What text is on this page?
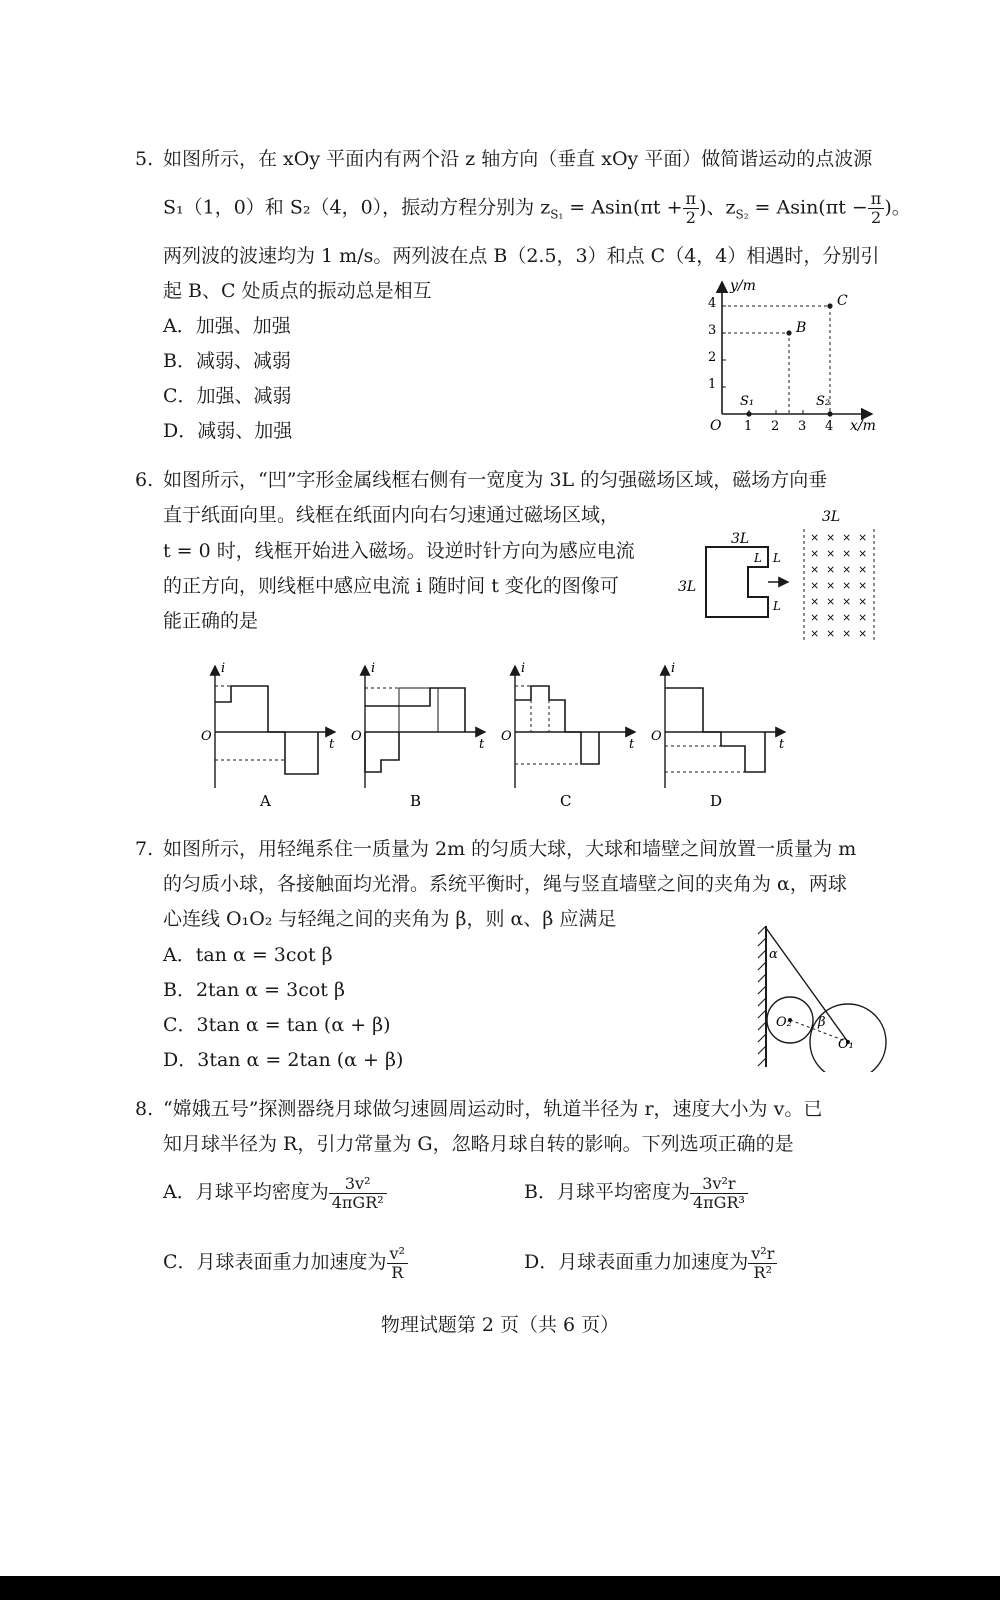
5. 如图所示，在 xOy 平面内有两个沿 z 轴方向（垂直 xOy 平面）做简谐运动的点波源
S₁（1，0）和 S₂（4，0），振动方程分别为 $z_{S_1} = Asin(\pi t + \frac{\pi}{2}$ )、$z_{S_2} = Asin(\pi t - \frac{\pi}{2}$ )。
两列波的波速均为 1 m/s。两列波在点 B（2.5，3）和点 C（4，4）相遇时，分别引
起 B、C 处质点的振动总是相互
A．加强、加强
B．减弱、减弱
C．加强、减弱
D．减弱、加强
y/m
x/m
O 1 2 3 4
1
2
3
4
B
C
S₁	S₂
6. 如图所示，“凹”字形金属线框右侧有一宽度为 3L 的匀强磁场区域，磁场方向垂
直于纸面向里。线框在纸面内向右匀速通过磁场区域，
t = 0 时，线框开始进入磁场。设逆时针方向为感应电流
的正方向，则线框中感应电流 i 随时间 t 变化的图像可
能正确的是
3L
3L
3L
L L
L
× × × ×
× × × ×
× × × ×
× × × ×
× × × ×
× × × ×
× × × ×
i
t
O
A
i
t
O
B
i
t
O
C
i
t
O
D
7. 如图所示，用轻绳系住一质量为 2m 的匀质大球，大球和墙壁之间放置一质量为 m
的匀质小球，各接触面均光滑。系统平衡时，绳与竖直墙壁之间的夹角为 α，两球
心连线 O₁O₂ 与轻绳之间的夹角为 β，则 α、β 应满足
A．tan α = 3cot β
B．2tan α = 3cot β
C．3tan α = tan (α + β)
D．3tan α = 2tan (α + β)
α
β
O₂
O₁
8. “嫦娥五号”探测器绕月球做匀速圆周运动时，轨道半径为 r，速度大小为 v。已
知月球半径为 R，引力常量为 G，忽略月球自转的影响。下列选项正确的是
A．月球平均密度为 $\frac{\text{3v²}}{\text{4πGR²}}$	B．月球平均密度为 $\frac{\text{3v²r}}{\text{4πGR³}}$
C．月球表面重力加速度为 $\frac{\text{v²}}{R}$	D．月球表面重力加速度为 $\frac{\text{v²r}}{\text{R²}}$
物理试题第 2 页（共 6 页）
